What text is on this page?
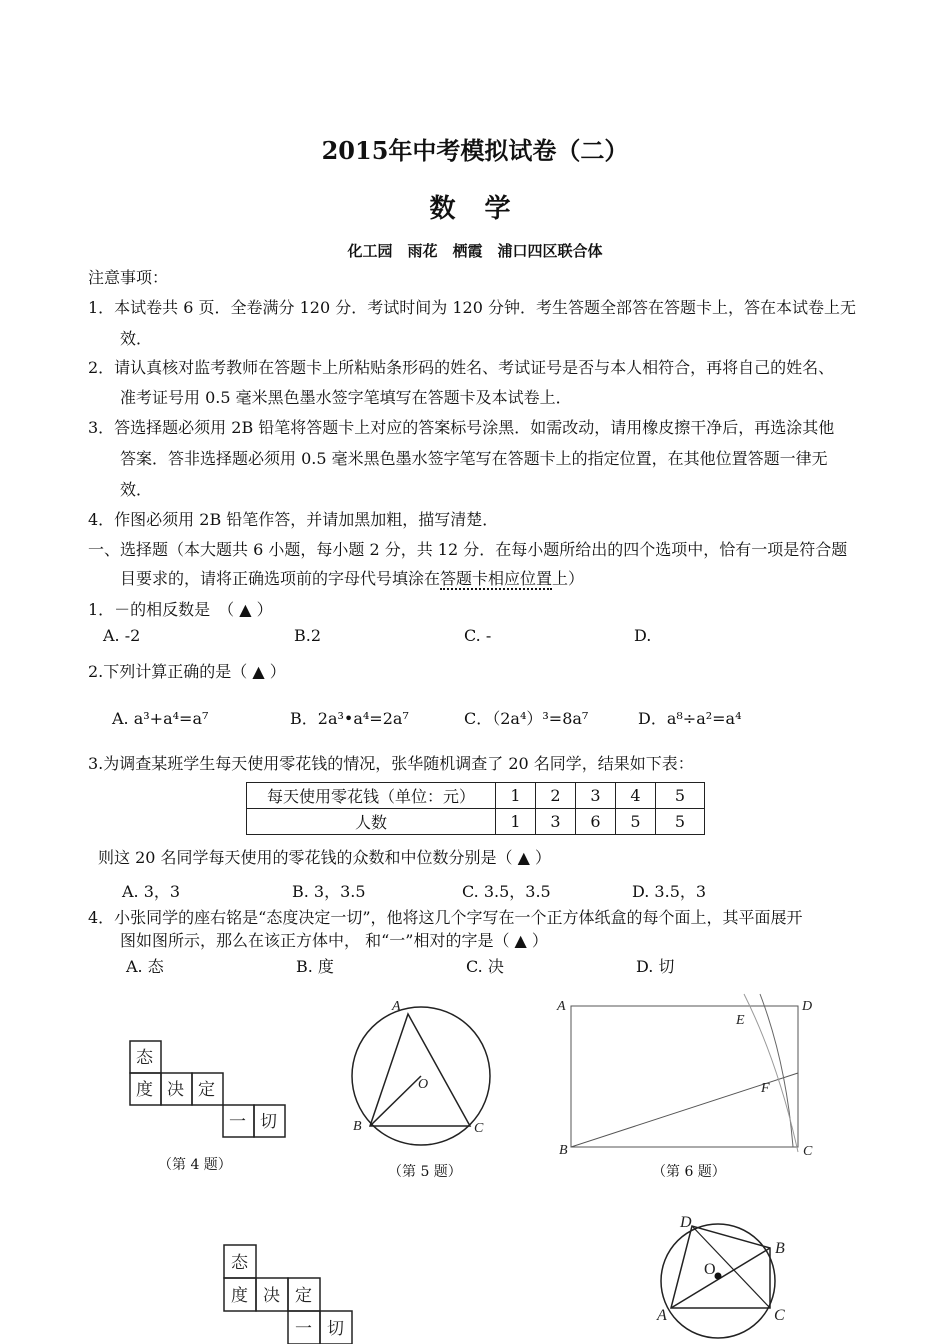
2015年中考模拟试卷（二）
数 学
化工园　雨花　栖霞　浦口四区联合体
注意事项：
1．本试卷共 6 页．全卷满分 120 分．考试时间为 120 分钟．考生答题全部答在答题卡上，答在本试卷上无
效．
2．请认真核对监考教师在答题卡上所粘贴条形码的姓名、考试证号是否与本人相符合，再将自己的姓名、
准考证号用 0.5 毫米黑色墨水签字笔填写在答题卡及本试卷上．
3．答选择题必须用 2B 铅笔将答题卡上对应的答案标号涂黑．如需改动，请用橡皮擦干净后，再选涂其他
答案．答非选择题必须用 0.5 毫米黑色墨水签字笔写在答题卡上的指定位置，在其他位置答题一律无
效．
4．作图必须用 2B 铅笔作答，并请加黑加粗，描写清楚．
一、选择题（本大题共 6 小题，每小题 2 分，共 12 分．在每小题所给出的四个选项中，恰有一项是符合题
目要求的，请将正确选项前的字母代号填涂在答题卡相应位置上）
1．－的相反数是　（ ▲ ）
A. -2	B.2	C. -	D.
2.下列计算正确的是（ ▲ ）
A. a³+a⁴=a⁷	B．2a³•a⁴=2a⁷	C．（2a⁴）³=8a⁷	D．a⁸÷a²=a⁴
3.为调查某班学生每天使用零花钱的情况，张华随机调查了 20 名同学，结果如下表：
每天使用零花钱（单位：元）	1	2	3	4	5
人数	1	3	6	5	5
则这 20 名同学每天使用的零花钱的众数和中位数分别是（ ▲ ）
A. 3，3	B. 3，3.5	C. 3.5，3.5	D. 3.5，3
4．小张同学的座右铭是“态度决定一切”，他将这几个字写在一个正方体纸盒的每个面上，其平面展开
图如图所示，那么在该正方体中， 和“一”相对的字是（ ▲ ）
A. 态	B. 度	C. 决	D. 切
态
度 决 定
一 切
（第 4 题）
A
B	C
O
（第 5 题）
A	D
E
F
B	C
（第 6 题）
态
度 决 定
一 切
D
B
O
A	C
